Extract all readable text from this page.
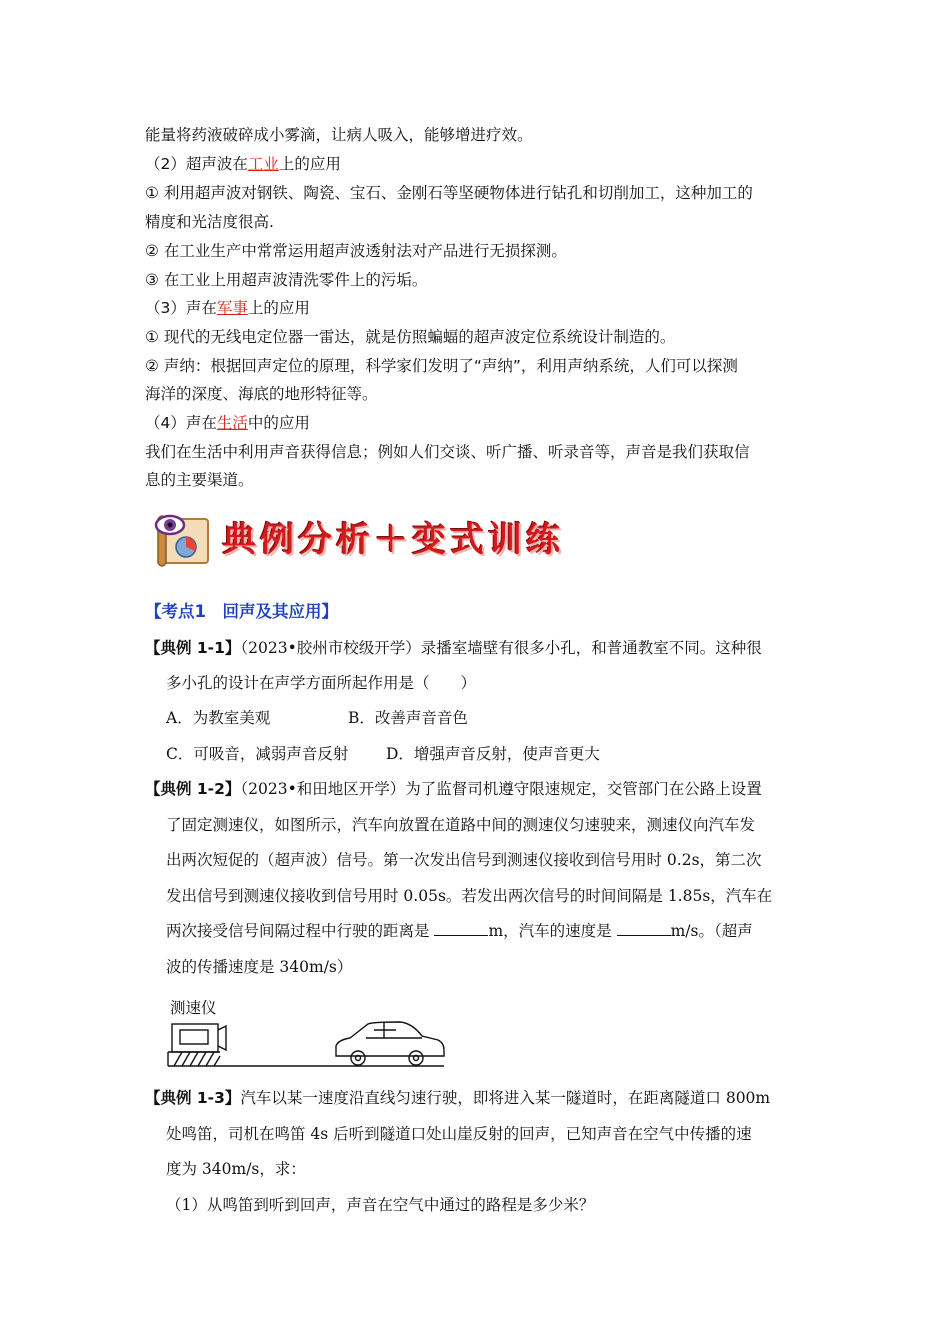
能量将药液破碎成小雾滴，让病人吸入，能够增进疗效。
（2）超声波在工业上的应用
① 利用超声波对钢铁、陶瓷、宝石、金刚石等坚硬物体进行钻孔和切削加工，这种加工的
精度和光洁度很高.
② 在工业生产中常常运用超声波透射法对产品进行无损探测。
③ 在工业上用超声波清洗零件上的污垢。
（3）声在军事上的应用
① 现代的无线电定位器一雷达，就是仿照蝙蝠的超声波定位系统设计制造的。
② 声纳：根据回声定位的原理，科学家们发明了“声纳”，利用声纳系统，人们可以探测
海洋的深度、海底的地形特征等。
（4）声在生活中的应用
我们在生活中利用声音获得信息；例如人们交谈、听广播、听录音等，声音是我们获取信
息的主要渠道。
典例分析＋变式训练
【考点1　回声及其应用】
【典例 1-1】（2023•胶州市校级开学）录播室墙壁有很多小孔，和普通教室不同。这种很
多小孔的设计在声学方面所起作用是（　　）
A．为教室美观	B．改善声音音色
C．可吸音，减弱声音反射 D．增强声音反射，使声音更大
【典例 1-2】（2023•和田地区开学）为了监督司机遵守限速规定，交管部门在公路上设置
了固定测速仪，如图所示，汽车向放置在道路中间的测速仪匀速驶来，测速仪向汽车发
出两次短促的（超声波）信号。第一次发出信号到测速仪接收到信号用时 0.2s，第二次
发出信号到测速仪接收到信号用时 0.05s。若发出两次信号的时间间隔是 1.85s，汽车在
两次接受信号间隔过程中行驶的距离是	m，汽车的速度是	m/s。（超声
波的传播速度是 340m/s）
测速仪
【典例 1-3】汽车以某一速度沿直线匀速行驶，即将进入某一隧道时，在距离隧道口 800m
处鸣笛，司机在鸣笛 4s 后听到隧道口处山崖反射的回声，已知声音在空气中传播的速
度为 340m/s，求：
（1）从鸣笛到听到回声，声音在空气中通过的路程是多少米？
